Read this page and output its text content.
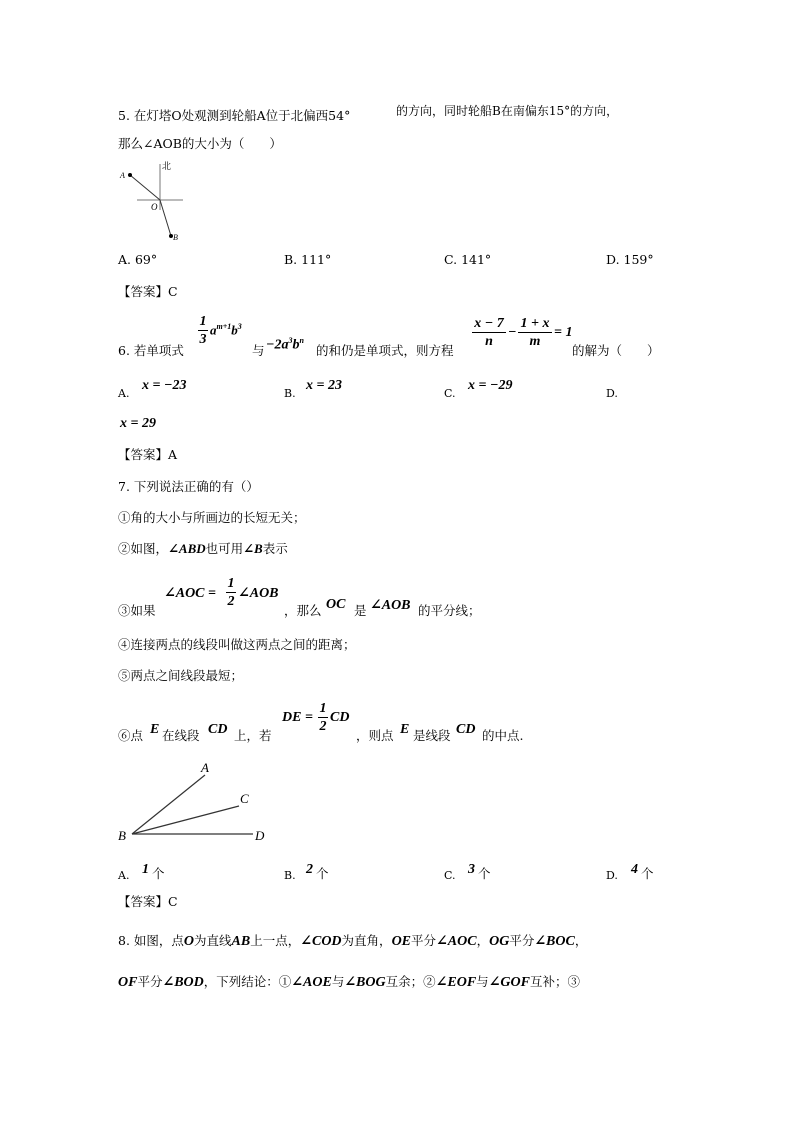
5. 在灯塔O处观测到轮船A位于北偏西54°	的方向，同时轮船B在南偏东15°的方向，
那么∠AOB的大小为（　　）
北
A
O
B
A. 69°	B. 111°	C. 141°	D. 159°
【答案】C
6. 若单项式
1
3
$a^{m+1}b^3$
与 $-2a^3b^n$
的和仍是单项式，则方程
x − 7
n
−
1 + x
m
= 1
的解为（　　）
A.
x = −23
B.
x = 23
C.
x = −29
D.
x = 29
【答案】A
7. 下列说法正确的有（）
①角的大小与所画边的长短无关；
②如图，∠ABD也可用∠B表示
③如果
∠AOC =
1
2
∠AOB
，那么 OC 是 ∠AOB 的平分线；
④连接两点的线段叫做这两点之间的距离；
⑤两点之间线段最短；
⑥点 E 在线段 CD 上，若
DE =
1
2
CD
，则点 E 是线段 CD 的中点.
A
C
B	D
A. 1 个	B. 2 个	C. 3 个	D. 4 个
【答案】C
8. 如图，点O为直线AB上一点，∠COD为直角，OE平分∠AOC，OG平分∠BOC，
OF平分∠BOD，下列结论：①∠AOE与∠BOG互余；②∠EOF与∠GOF互补；③
